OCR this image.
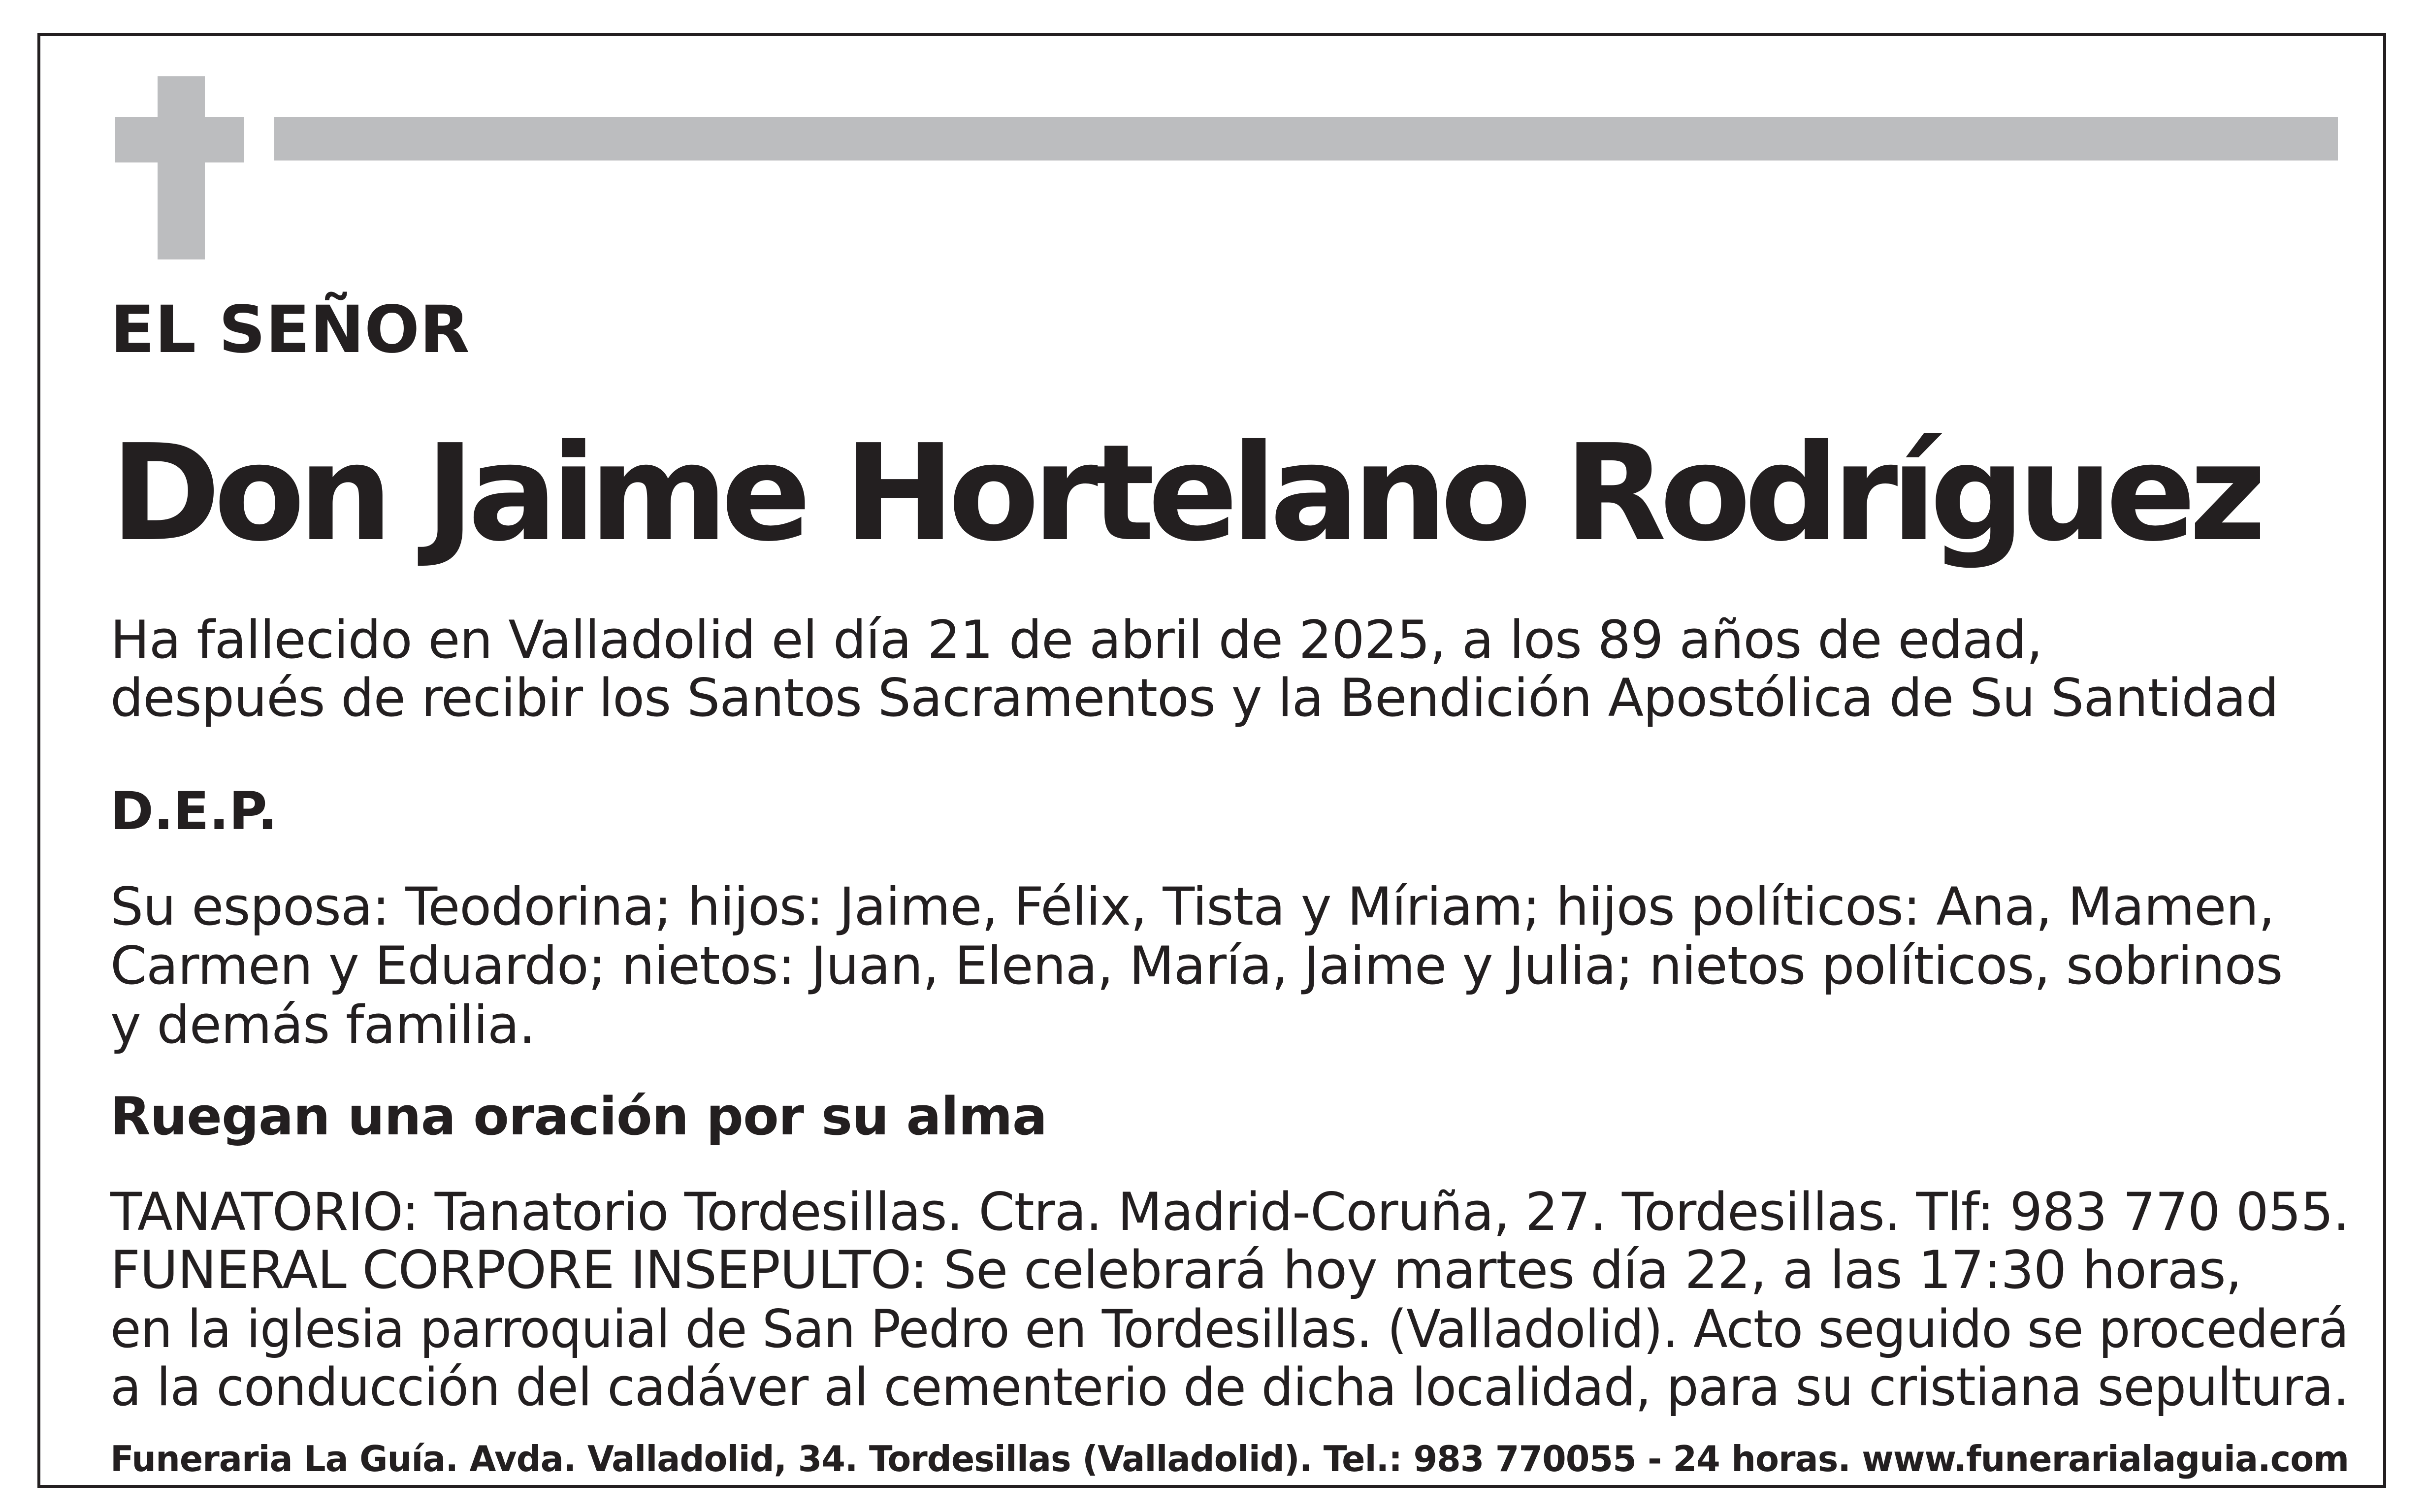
EL SEÑOR

Don Jaime Hortelano Rodríguez

Ha fallecido en Valladolid el día 21 de abril de 2025, a los 89 años de edad,

después de recibir los Santos Sacramentos y la Bendición Apostólica de Su Santidad

D.E.P.

Su esposa: Teodorina; hijos: Jaime, Félix, Tista y Míriam; hijos políticos: Ana, Mamen,

Carmen y Eduardo; nietos: Juan, Elena, María, Jaime y Julia; nietos políticos, sobrinos

y demás familia.

Ruegan una oración por su alma

TANATORIO: Tanatorio Tordesillas. Ctra. Madrid-Coruña, 27. Tordesillas. Tlf: 983 770 055.

FUNERAL CORPORE INSEPULTO: Se celebrará hoy martes día 22, a las 17:30 horas,

en la iglesia parroquial de San Pedro en Tordesillas. (Valladolid). Acto seguido se procederá

a la conducción del cadáver al cementerio de dicha localidad, para su cristiana sepultura.

Funeraria La Guía. Avda. Valladolid, 34. Tordesillas (Valladolid). Tel.: 983 770055 - 24 horas. www.funerarialaguia.com
